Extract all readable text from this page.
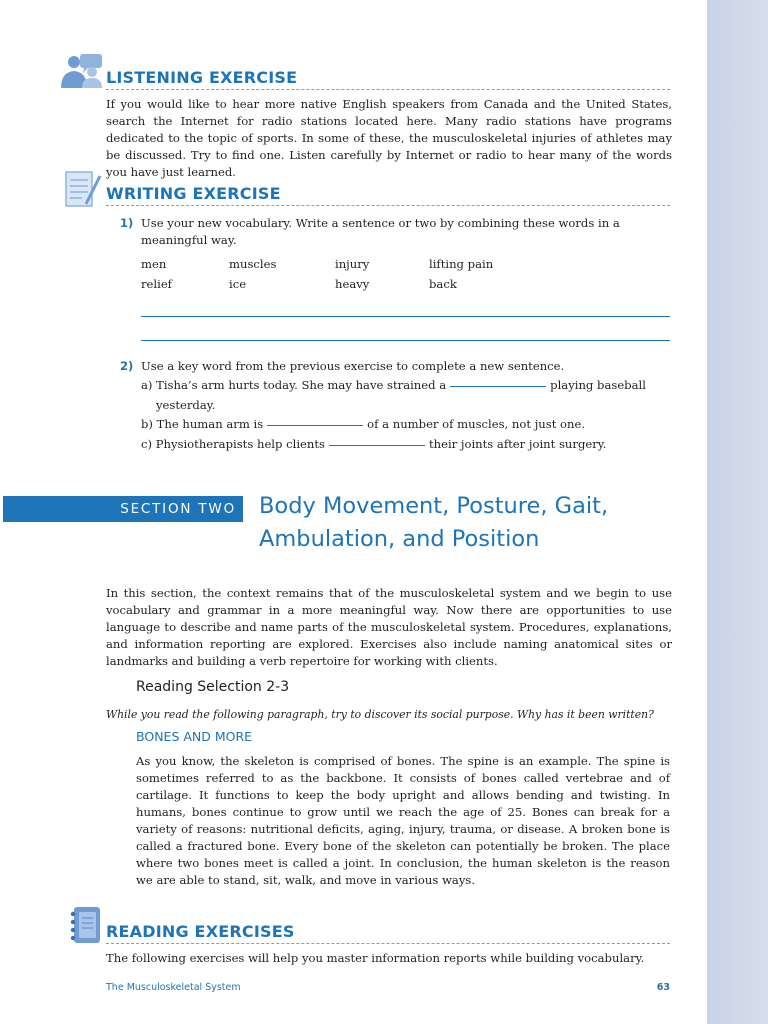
LISTENING EXERCISE

If you would like to hear more native English speakers from Canada and the United States, search the Internet for radio stations located here. Many radio stations have programs dedicated to the topic of sports. In some of these, the musculoskeletal injuries of athletes may be discussed. Try to find one. Listen carefully by Internet or radio to hear many of the words you have just learned.

WRITING EXERCISE
1) Use your new vocabulary. Write a sentence or two by combining these words in a meaningful way.
men	muscles	injury	lifting pain
relief	ice	heavy	back
2) Use a key word from the previous exercise to complete a new sentence.
a) Tisha’s arm hurts today. She may have strained a	playing baseball
yesterday.
b) The human arm is	of a number of muscles, not just one.
c) Physiotherapists help clients	their joints after joint surgery.
SECTION TWO Body Movement, Posture, Gait,
Ambulation, and Position

In this section, the context remains that of the musculoskeletal system and we begin to use vocabulary and grammar in a more meaningful way. Now there are opportunities to use language to describe and name parts of the musculoskeletal system. Procedures, explanations, and information reporting are explored. Exercises also include naming anatomical sites or landmarks and building a verb repertoire for working with clients.

Reading Selection 2-3
While you read the following paragraph, try to discover its social purpose. Why has it been written?
BONES AND MORE

As you know, the skeleton is comprised of bones. The spine is an example. The spine is sometimes referred to as the backbone. It consists of bones called vertebrae and of cartilage. It functions to keep the body upright and allows bending and twisting. In humans, bones continue to grow until we reach the age of 25. Bones can break for a variety of reasons: nutritional deficits, aging, injury, trauma, or disease. A broken bone is called a fractured bone. Every bone of the skeleton can potentially be broken. The place where two bones meet is called a joint. In conclusion, the human skeleton is the reason we are able to stand, sit, walk, and move in various ways.

READING EXERCISES

The following exercises will help you master information reports while building vocabulary.

The Musculoskeletal System	63
